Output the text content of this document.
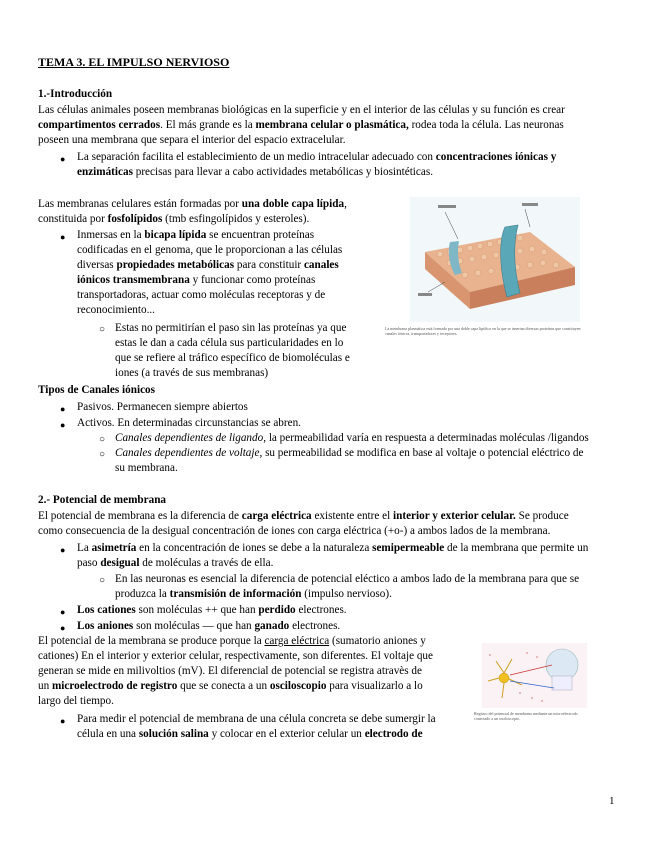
TEMA 3. EL IMPULSO NERVIOSO
1.-Introducción
Las células animales poseen membranas biológicas en la superficie y en el interior de las células y su función es crear
compartimentos cerrados. El más grande es la membrana celular o plasmática, rodea toda la célula. Las neuronas
poseen una membrana que separa el interior del espacio extracelular.
● La separación facilita el establecimiento de un medio intracelular adecuado con concentraciones iónicas y
enzimáticas precisas para llevar a cabo actividades metabólicas y biosintéticas.
Las membranas celulares están formadas por una doble capa lípida,
constituida por fosfolípidos (tmb esfingolípidos y esteroles).
● Inmersas en la bicapa lípida se encuentran proteínas
codificadas en el genoma, que le proporcionan a las células
diversas propiedades metabólicas para constituir canales
iónicos transmembrana y funcionar como proteínas
transportadoras, actuar como moléculas receptoras y de
reconocimiento...
○ Estas no permitirían el paso sin las proteínas ya que
estas le dan a cada célula sus particularidades en lo
que se refiere al tráfico específico de biomoléculas e
iones (a través de sus membranas)
La membrana plasmática está formada por una doble capa lipídica en la que se insertan diversas proteínas que constituyen canales iónicos, transportadores y receptores.
Tipos de Canales iónicos
● Pasivos. Permanecen siempre abiertos
● Activos. En determinadas circunstancias se abren.
○ Canales dependientes de ligando, la permeabilidad varía en respuesta a determinadas moléculas /ligandos
○ Canales dependientes de voltaje, su permeabilidad se modifica en base al voltaje o potencial eléctrico de
su membrana.
2.- Potencial de membrana
El potencial de membrana es la diferencia de carga eléctrica existente entre el interior y exterior celular. Se produce
como consecuencia de la desigual concentración de iones con carga eléctrica (+o-) a ambos lados de la membrana.
● La asimetría en la concentración de iones se debe a la naturaleza semipermeable de la membrana que permite un
paso desigual de moléculas a través de ella.
○ En las neuronas es esencial la diferencia de potencial eléctico a ambos lado de la membrana para que se
produzca la transmisión de información (impulso nervioso).
● Los cationes son moléculas ++ que han perdido electrones.
● Los aniones son moléculas — que han ganado electrones.
El potencial de la membrana se produce porque la carga eléctrica (sumatorio aniones y
cationes) En el interior y exterior celular, respectivamente, son diferentes. El voltaje que
generan se mide en milivoltios (mV). El diferencial de potencial se registra atravès de
un microelectrodo de registro que se conecta a un osciloscopio para visualizarlo a lo
largo del tiempo.
● Para medir el potencial de membrana de una célula concreta se debe sumergir la
célula en una solución salina y colocar en el exterior celular un electrodo de
Registro del potencial de membrana mediante un microelectrodo conectado a un osciloscopio.
1
